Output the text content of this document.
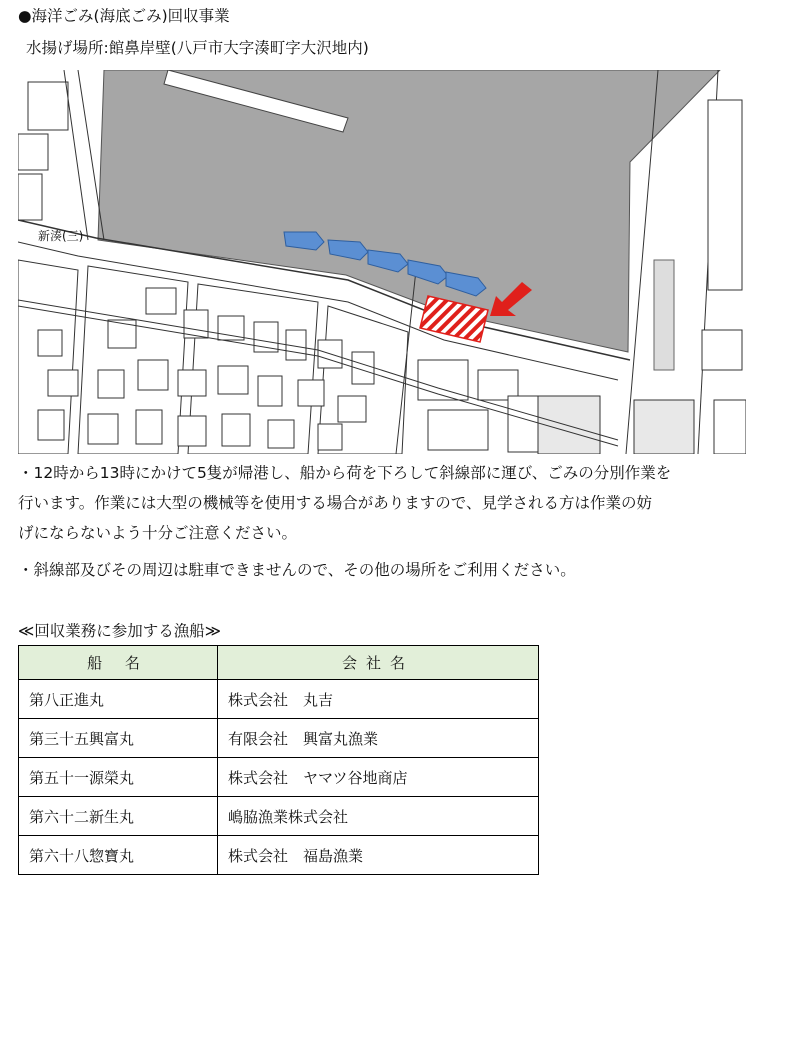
●海洋ごみ(海底ごみ)回収事業
水揚げ場所:館鼻岸壁(八戸市大字湊町字大沢地内)
新湊(三)
・12時から13時にかけて5隻が帰港し、船から荷を下ろして斜線部に運び、ごみの分別作業を
行います。作業には大型の機械等を使用する場合がありますので、見学される方は作業の妨
げにならないよう十分ご注意ください。
・斜線部及びその周辺は駐車できませんので、その他の場所をご利用ください。
≪回収業務に参加する漁船≫
船 名	会社名
第八正進丸	株式会社　丸吉
第三十五興富丸	有限会社　興富丸漁業
第五十一源榮丸	株式会社　ヤマツ谷地商店
第六十二新生丸	嶋脇漁業株式会社
第六十八惣寶丸	株式会社　福島漁業
